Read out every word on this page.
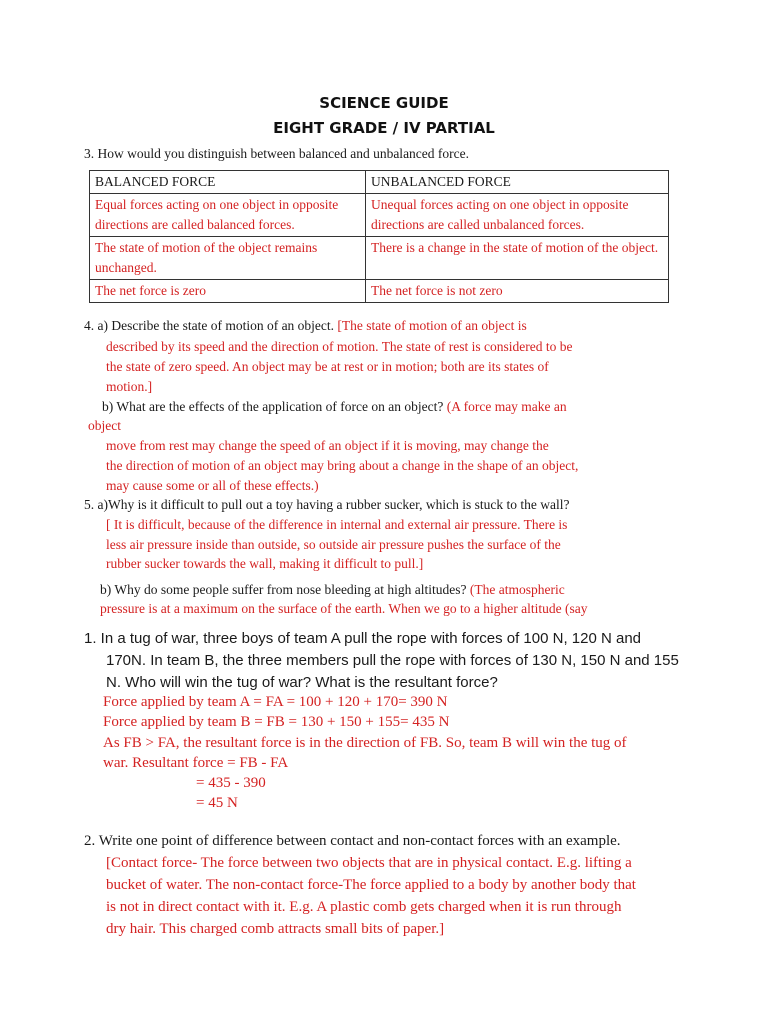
SCIENCE GUIDE
EIGHT GRADE / IV PARTIAL
3. How would you distinguish between balanced and unbalanced force.
BALANCED FORCE	UNBALANCED FORCE
Equal forces acting on one object in opposite directions are called balanced forces.	Unequal forces acting on one object in opposite directions are called unbalanced forces.
The state of motion of the object remains unchanged.	There is a change in the state of motion of the object.
The net force is zero	The net force is not zero
4. a) Describe the state of motion of an object. [The state of motion of an object is
described by its speed and the direction of motion. The state of rest is considered to be
the state of zero speed. An object may be at rest or in motion; both are its states of
motion.]
b) What are the effects of the application of force on an object? (A force may make an
object
move from rest may change the speed of an object if it is moving, may change the
the direction of motion of an object may bring about a change in the shape of an object,
may cause some or all of these effects.)
5. a)Why is it difficult to pull out a toy having a rubber sucker, which is stuck to the wall?
[ It is difficult, because of the difference in internal and external air pressure. There is
less air pressure inside than outside, so outside air pressure pushes the surface of the
rubber sucker towards the wall, making it difficult to pull.]
b) Why do some people suffer from nose bleeding at high altitudes? (The atmospheric
pressure is at a maximum on the surface of the earth. When we go to a higher altitude (say
1. In a tug of war, three boys of team A pull the rope with forces of 100 N, 120 N and
170N. In team B, the three members pull the rope with forces of 130 N, 150 N and 155
N. Who will win the tug of war? What is the resultant force?
Force applied by team A = FA = 100 + 120 + 170= 390 N
Force applied by team B = FB = 130 + 150 + 155= 435 N
As FB > FA, the resultant force is in the direction of FB. So, team B will win the tug of
war. Resultant force = FB - FA
= 435 - 390
= 45 N
2. Write one point of difference between contact and non-contact forces with an example.
[Contact force- The force between two objects that are in physical contact. E.g. lifting a
bucket of water. The non-contact force-The force applied to a body by another body that
is not in direct contact with it. E.g. A plastic comb gets charged when it is run through
dry hair. This charged comb attracts small bits of paper.]
